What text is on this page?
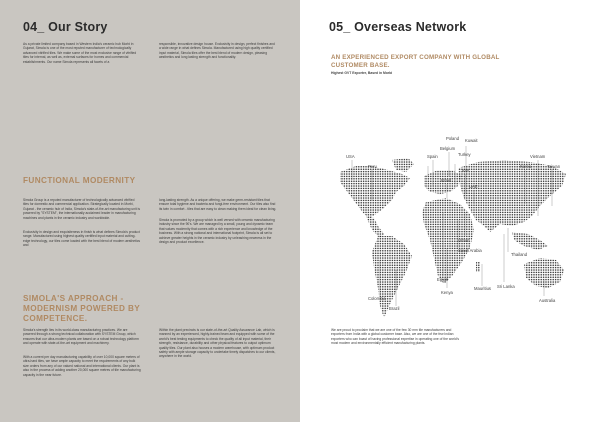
04_ Our Story

As a private limited company based in Western India's ceramic hub Morbi in Gujarat, Simola is one of the most reputed manufacturer of technologically advanced vitrified tiles. We make some of the most exclusive range of vitrified tiles for internal, as well as, external surfaces for homes and commercial establishments. Our name Simola represents all facets of a

responsible, innovative design house. Exclusivity in design, perfect finishes and a wide range in what defines Simola. Manufactured using high quality certified input material, Simola tiles offer the best blend of modern design, pleasing aesthetics and long lasting strength and functionality.

FUNCTIONAL MODERNITY

Simola Group is a reputed manufacturer of technologically advanced vitrified tiles for domestic and commercial application. Strategically located in Morbi, Gujarat - the ceramic hub of India, Simola's state-of-the-art manufacturing unit is powered by "SYSTEM", the internationally acclaimed leader in manufacturing machines and plants in the ceramic industry and worldwide.

Exclusivity in design and exquisiteness in finish is what defines Simola's product range. Manufactured using highest quality certified input material and cutting-edge technology, our tiles come loaded with the best blend of modern aesthetics and

long-lasting strength. As a unique offering, we make germ-resistant tiles that ensure total hygiene and bacteria and fungi-free environment. Our tiles also find its twin in comfort - tiles that are easy to clean making them ideal for clean living.

Simola is promoted by a group which is well versed with ceramic manufacturing industry since the 90's. We are managed by a small, young and dynamic team that values modernity that comes with a rich experience and knowledge of the business. With a strong national and international footprint, Simola is all set to achieve greater heights in the ceramic industry by unleashing newness in the design and product excellence.

SIMOLA'S APPROACH - MODERNISM POWERED BY COMPETENCE.

Simola's strength lies in its world-class manufacturing practices. We are powered through a strong technical collaboration with SYSTEM Group, which ensures that our ultra-modern plants are based on a robust technology platform and operate with state-of-the-art equipment and machinery.

With a current per day manufacturing capability of over 10,000 square meters of ultra-hard tiles, we have ample capacity to meet the requirements of any bulk size orders from any of our valued national and international clients. Our plant is also in the process of adding another 20,000 square metres of tile manufacturing capacity in the near future.

Within the plant precincts is our state-of-the-art Quality Assurance Lab, which is manned by an experienced, highly-trained team and equipped with some of the world's best testing equipments to check the quality of all input material, their strength, resistance, durability and other physical features to output optimum quality tiles. Our plant also houses a modern warehouse, with optimum product safety with ample storage capacity to undertake timely dispatches to our clients, anywhere in the world.

05_ Overseas Network
AN EXPERIENCED EXPORT COMPANY WITH GLOBAL CUSTOMER BASE.
Highest GVT Exporter, Based in Morbi
USA
Peru
Colombia
Brazil
Spain
Poland
Belgium
Turkey
Kuwait
Iran
Israel
UAE
Oman
Egypt
Saudi Arabia
Kenya
Mauritius Sri Lanka
Thailand
Korea
Vietnam
Taiwan
Australia

We are proud to proclaim that we are one of the few 30 mm tile manufacturers and exporters from India with a global customer base. Also, we are one of the few Indian exporters who can boast of having professional expertise in operating one of the world's most modern and environmentally efficient manufacturing plants.
